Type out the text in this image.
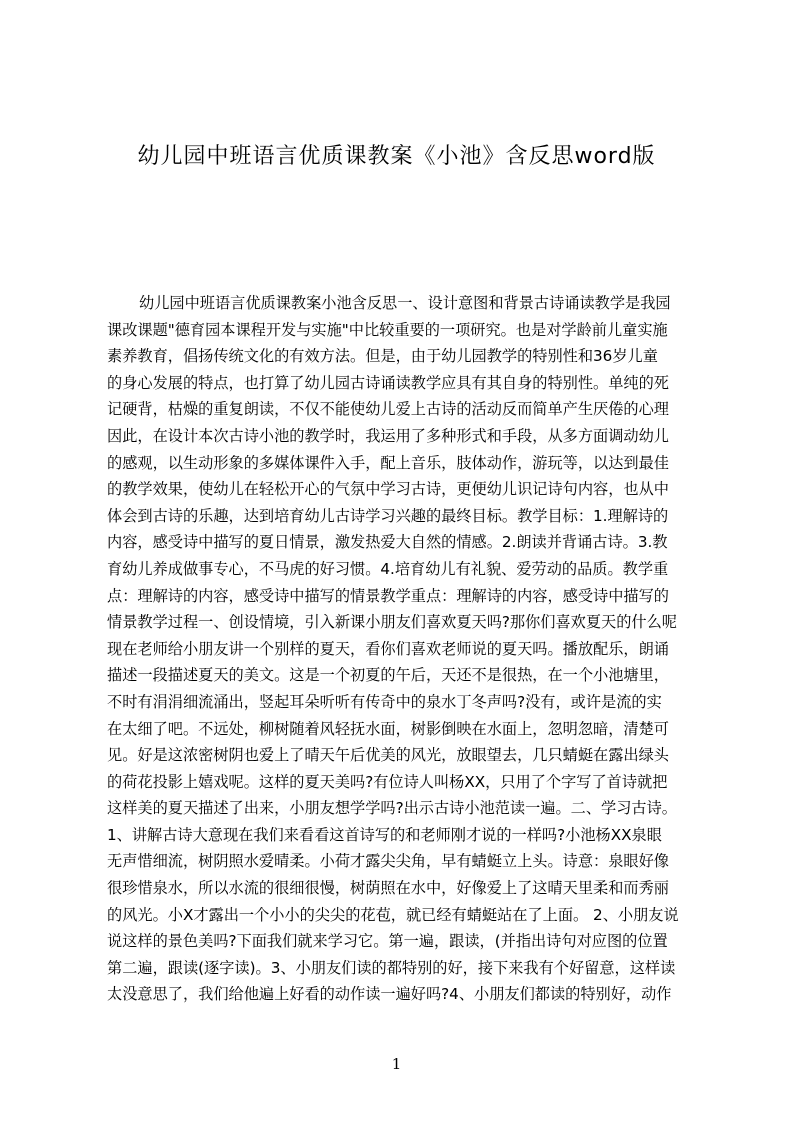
幼儿园中班语言优质课教案《小池》含反思word版
幼儿园中班语言优质课教案小池含反思一、设计意图和背景古诗诵读教学是我园
课改课题"德育园本课程开发与实施"中比较重要的一项研究。也是对学龄前儿童实施
素养教育，倡扬传统文化的有效方法。但是，由于幼儿园教学的特别性和36岁儿童
的身心发展的特点，也打算了幼儿园古诗诵读教学应具有其自身的特别性。单纯的死
记硬背，枯燥的重复朗读，不仅不能使幼儿爱上古诗的活动反而简单产生厌倦的心理
因此，在设计本次古诗小池的教学时，我运用了多种形式和手段，从多方面调动幼儿
的感观，以生动形象的多媒体课件入手，配上音乐，肢体动作，游玩等，以达到最佳
的教学效果，使幼儿在轻松开心的气氛中学习古诗，更便幼儿识记诗句内容，也从中
体会到古诗的乐趣，达到培育幼儿古诗学习兴趣的最终目标。教学目标：1.理解诗的
内容，感受诗中描写的夏日情景，激发热爱大自然的情感。2.朗读并背诵古诗。3.教
育幼儿养成做事专心，不马虎的好习惯。4.培育幼儿有礼貌、爱劳动的品质。教学重
点：理解诗的内容，感受诗中描写的情景教学重点：理解诗的内容，感受诗中描写的
情景教学过程一、创设情境，引入新课小朋友们喜欢夏天吗?那你们喜欢夏天的什么呢
现在老师给小朋友讲一个别样的夏天，看你们喜欢老师说的夏天吗。播放配乐，朗诵
描述一段描述夏天的美文。这是一个初夏的午后，天还不是很热，在一个小池塘里，
不时有涓涓细流涌出，竖起耳朵听听有传奇中的泉水丁冬声吗?没有，或许是流的实
在太细了吧。不远处，柳树随着风轻抚水面，树影倒映在水面上，忽明忽暗，清楚可
见。好是这浓密树阴也爱上了晴天午后优美的风光，放眼望去，几只蜻蜓在露出绿头
的荷花投影上嬉戏呢。这样的夏天美吗?有位诗人叫杨XX，只用了个字写了首诗就把
这样美的夏天描述了出来，小朋友想学学吗?出示古诗小池范读一遍。二、学习古诗。
1、讲解古诗大意现在我们来看看这首诗写的和老师刚才说的一样吗?小池杨XX泉眼
无声惜细流，树阴照水爱晴柔。小荷才露尖尖角，早有蜻蜓立上头。诗意：泉眼好像
很珍惜泉水，所以水流的很细很慢，树荫照在水中，好像爱上了这晴天里柔和而秀丽
的风光。小X才露出一个小小的尖尖的花苞，就已经有蜻蜓站在了上面。 2、小朋友说
说这样的景色美吗?下面我们就来学习它。第一遍，跟读，(并指出诗句对应图的位置
第二遍，跟读(逐字读)。3、小朋友们读的都特别的好，接下来我有个好留意，这样读
太没意思了，我们给他遍上好看的动作读一遍好吗?4、小朋友们都读的特别好，动作
1
